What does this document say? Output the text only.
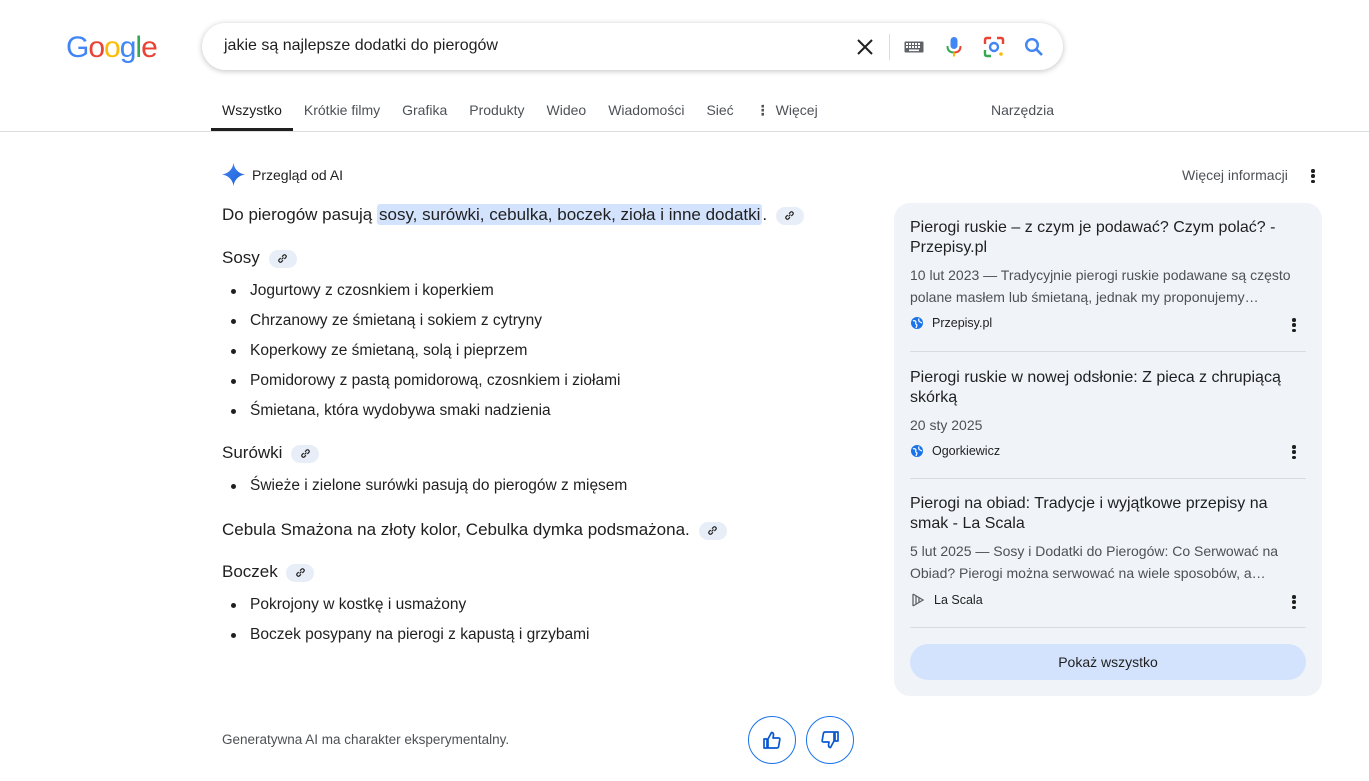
Google	jakie są najlepsze dodatki do pierogów
Wszystko	Krótkie filmy	Grafika	Produkty	Wideo	Wiadomości	Sieć	⋮ Więcej	Narzędzia
Przegląd od AI	Więcej informacji

Do pierogów pasują sosy, surówki, cebulka, boczek, zioła i inne dodatki .

Sosy
Jogurtowy z czosnkiem i koperkiem
Chrzanowy ze śmietaną i sokiem z cytryny
Koperkowy ze śmietaną, solą i pieprzem
Pomidorowy z pastą pomidorową, czosnkiem i ziołami
Śmietana, która wydobywa smaki nadzienia
Surówki
Świeże i zielone surówki pasują do pierogów z mięsem

Cebula Smażona na złoty kolor, Cebulka dymka podsmażona.

Boczek
Pokrojony w kostkę i usmażony
Boczek posypany na pierogi z kapustą i grzybami
Generatywna AI ma charakter eksperymentalny.
Pierogi ruskie – z czym je podawać? Czym polać? - Przepisy.pl
10 lut 2023 — Tradycyjnie pierogi ruskie podawane są często polane masłem lub śmietaną, jednak my proponujemy…
Przepisy.pl
Pierogi ruskie w nowej odsłonie: Z pieca z chrupiącą skórką
20 sty 2025
Ogorkiewicz
Pierogi na obiad: Tradycje i wyjątkowe przepisy na smak - La Scala
5 lut 2025 — Sosy i Dodatki do Pierogów: Co Serwować na Obiad? Pierogi można serwować na wiele sposobów, a…
La Scala
Pokaż wszystko
